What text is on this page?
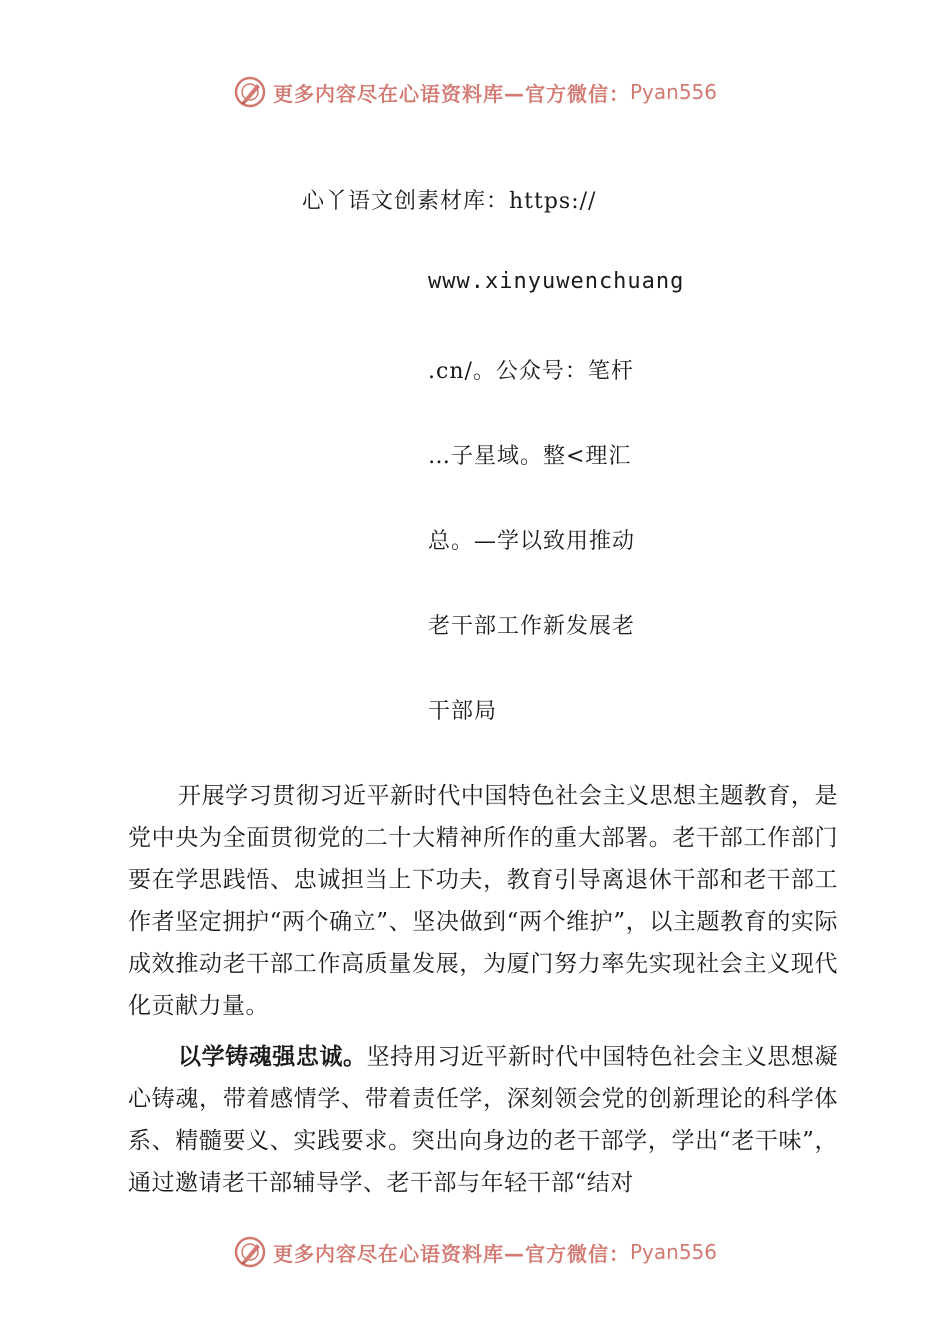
更多内容尽在心语资料库—官方微信： Pyan556
心丫语文创素材库：https://
www.xinyuwenchuang
.cn/。公众号：笔杆
…子星域。整<理汇
总。—学以致用推动
老干部工作新发展老
干部局

开展学习贯彻习近平新时代中国特色社会主义思想主题教育，是党中央为全面贯彻党的二十大精神所作的重大部署。老干部工作部门要在学思践悟、忠诚担当上下功夫，教育引导离退休干部和老干部工作者坚定拥护“两个确立”、坚决做到“两个维护”，以主题教育的实际成效推动老干部工作高质量发展，为厦门努力率先实现社会主义现代化贡献力量。

以学铸魂强忠诚。坚持用习近平新时代中国特色社会主义思想凝心铸魂，带着感情学、带着责任学，深刻领会党的创新理论的科学体系、精髓要义、实践要求。突出向身边的老干部学，学出“老干味”，通过邀请老干部辅导学、老干部与年轻干部“结对

更多内容尽在心语资料库—官方微信： Pyan556
